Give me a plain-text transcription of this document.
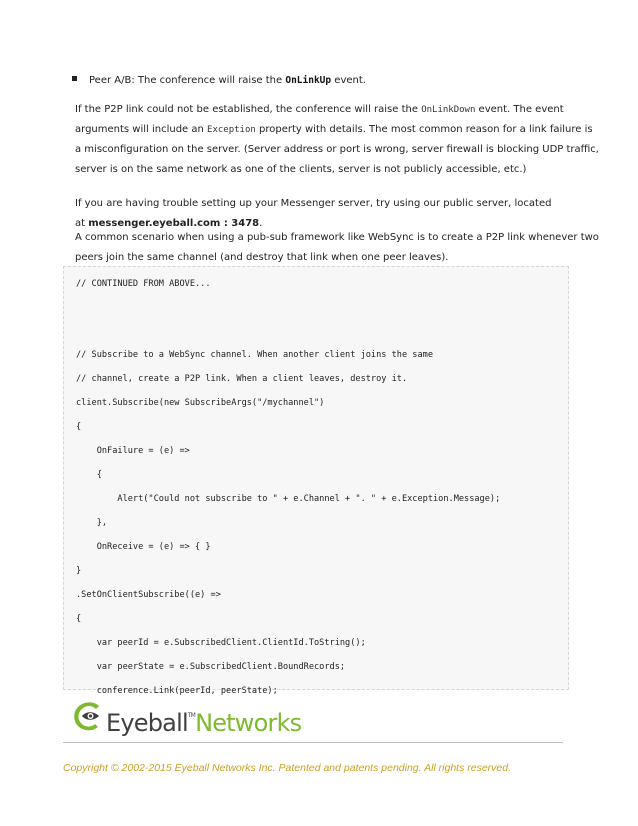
Peer A/B: The conference will raise the OnLinkUp event.

If the P2P link could not be established, the conference will raise the OnLinkDown event. The event

arguments will include an Exception property with details. The most common reason for a link failure is

a misconfiguration on the server. (Server address or port is wrong, server firewall is blocking UDP traffic,

server is on the same network as one of the clients, server is not publicly accessible, etc.)

If you are having trouble setting up your Messenger server, try using our public server, located

at messenger.eyeball.com : 3478.

A common scenario when using a pub-sub framework like WebSync is to create a P2P link whenever two

peers join the same channel (and destroy that link when one peer leaves).

// CONTINUED FROM ABOVE...
// Subscribe to a WebSync channel. When another client joins the same
// channel, create a P2P link. When a client leaves, destroy it.
client.Subscribe(new SubscribeArgs("/mychannel")
{
OnFailure = (e) =>
{
Alert("Could not subscribe to " + e.Channel + ". " + e.Exception.Message);
},
OnReceive = (e) => { }
}
.SetOnClientSubscribe((e) =>
{
var peerId = e.SubscribedClient.ClientId.ToString();
var peerState = e.SubscribedClient.BoundRecords;
conference.Link(peerId, peerState);
Eyeball™Networks
Copyright © 2002-2015 Eyeball Networks Inc. Patented and patents pending. All rights reserved.
